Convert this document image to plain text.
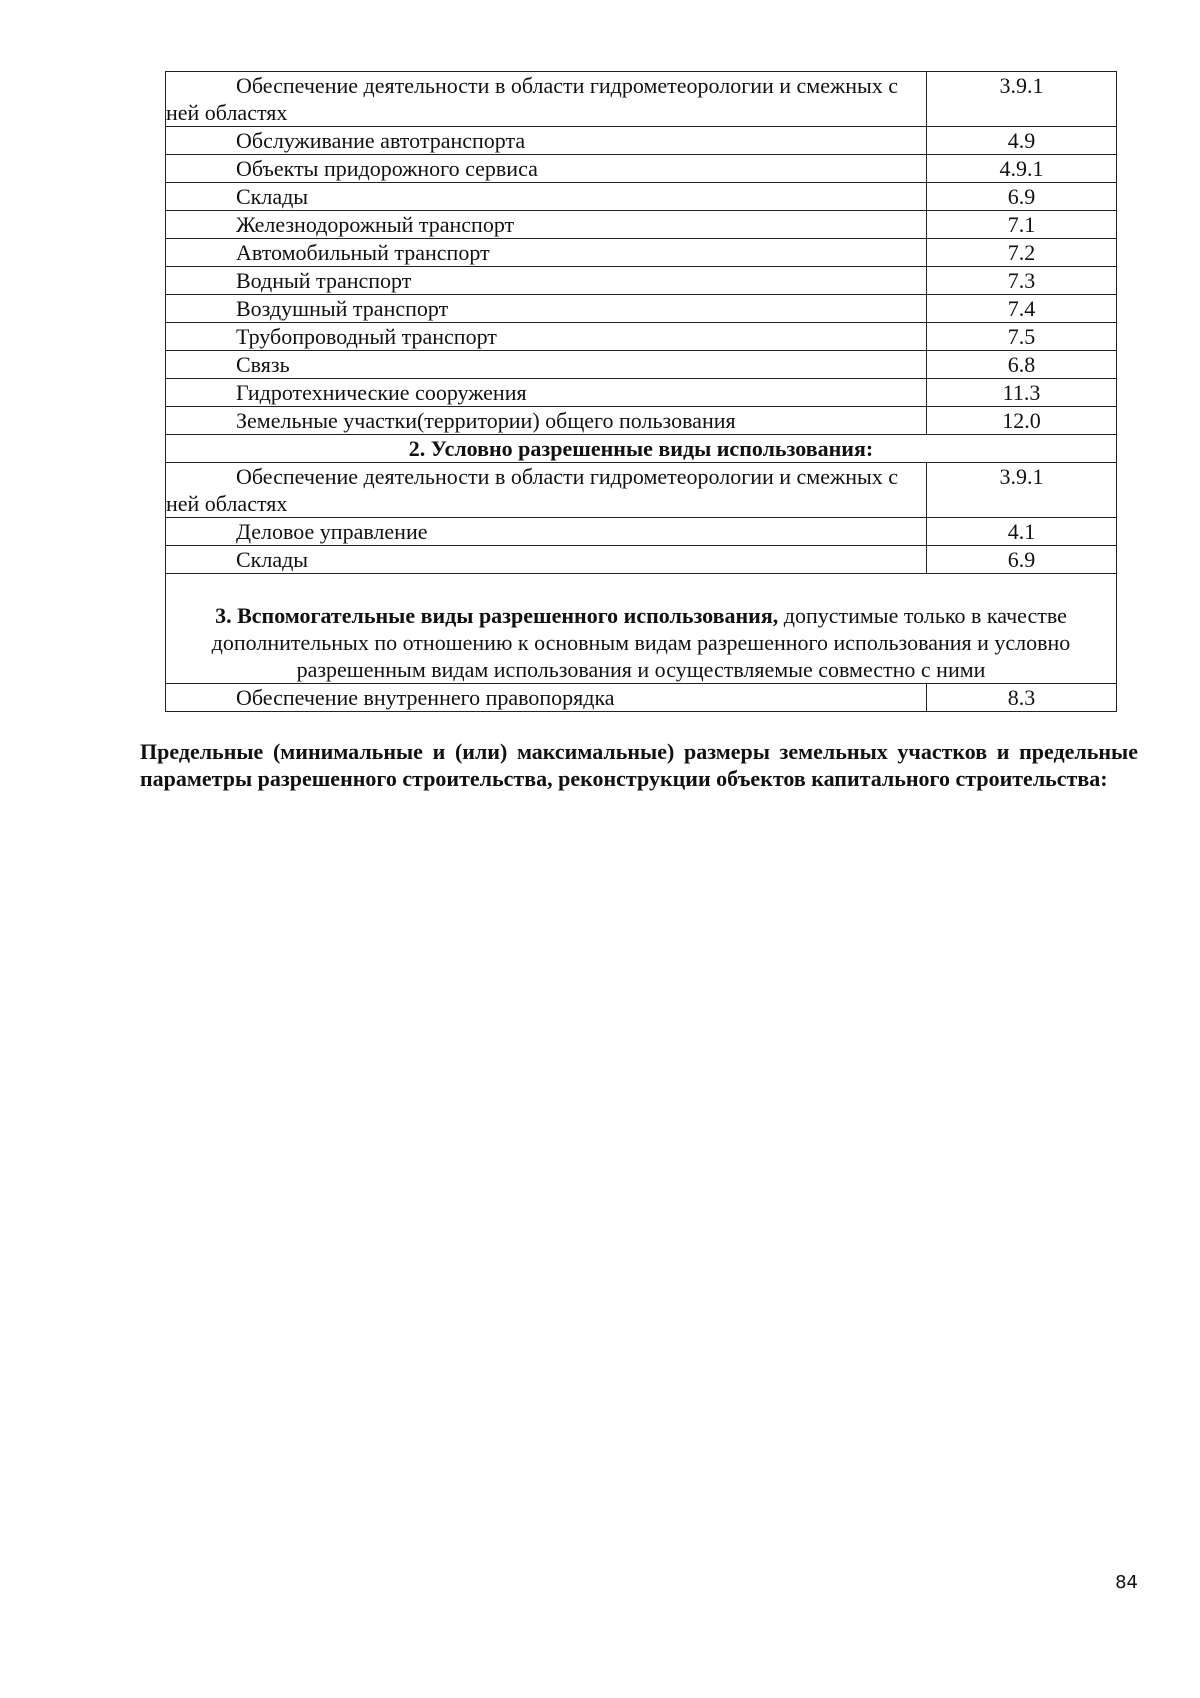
Обеспечение деятельности в области гидрометеорологии и смежных с ней областях	3.9.1
Обслуживание автотранспорта	4.9
Объекты придорожного сервиса	4.9.1
Склады	6.9
Железнодорожный транспорт	7.1
Автомобильный транспорт	7.2
Водный транспорт	7.3
Воздушный транспорт	7.4
Трубопроводный транспорт	7.5
Связь	6.8
Гидротехнические сооружения	11.3
Земельные участки(территории) общего пользования	12.0
2. Условно разрешенные виды использования:	
Обеспечение деятельности в области гидрометеорологии и смежных с ней областях	3.9.1
Деловое управление	4.1
Склады	6.9
3. Вспомогательные виды разрешенного использования, допустимые только в качестве дополнительных по отношению к основным видам разрешенного использования и условно разрешенным видам использования и осуществляемые совместно с ними	
Обеспечение внутреннего правопорядка	8.3
Предельные (минимальные и (или) максимальные) размеры земельных участков и предельные параметры разрешенного строительства, реконструкции объектов капитального строительства:
84
